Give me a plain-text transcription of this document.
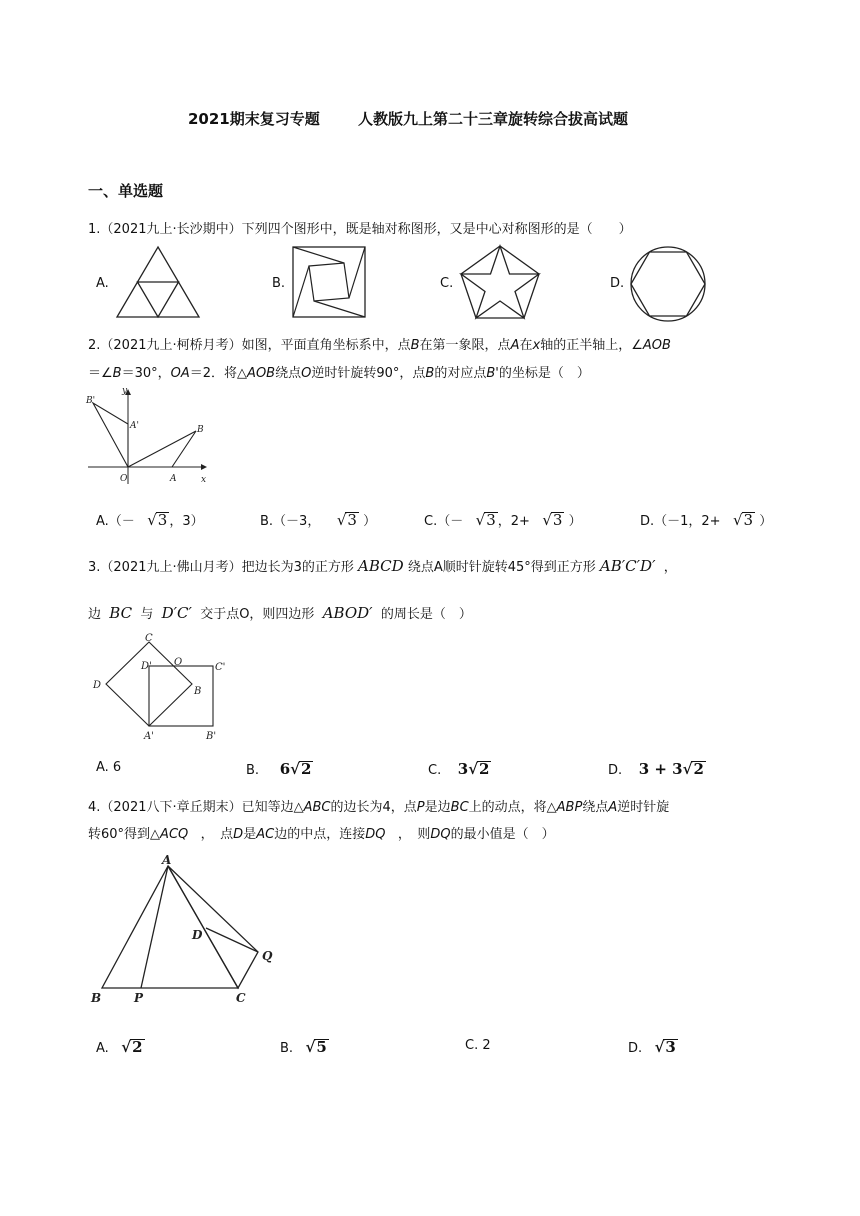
2021期末复习专题	人教版九上第二十三章旋转综合拔高试题
一、单选题
1.（2021九上·长沙期中）下列四个图形中，既是轴对称图形，又是中心对称图形的是（　　）
A.	B.	C.	D.
2.（2021九上·柯桥月考）如图，平面直角坐标系中，点B在第一象限，点A在x轴的正半轴上，∠AOB
＝∠B＝30°，OA＝2．将△AOB绕点O逆时针旋转90°，点B的对应点B'的坐标是（　）
B'
A'	B
O	A	x
y
A.（－ √3 ，3）	B.（－3， √3 ）	C.（－ √3 ，2+ √3 ）	D.（－1，2+ √3 ）
3.（2021九上·佛山月考）把边长为3的正方形 ABCD 绕点A顺时针旋转45°得到正方形 AB′C′D′ ，
边 BC 与 D′C′ 交于点O，则四边形 ABOD′ 的周长是（　）
C
D' O	C'
D
B
A'	B'
A. 6	B. 6√2	C. 3√2	D. 3 + 3√2
4.（2021八下·章丘期末）已知等边△ABC的边长为4，点P是边BC上的动点，将△ABP绕点A逆时针旋
转60°得到△ACQ ，　点D是AC边的中点，连接DQ ，　则DQ的最小值是（　）
A
D
Q
B	P	C
A. √2	B. √5	C. 2	D. √3
